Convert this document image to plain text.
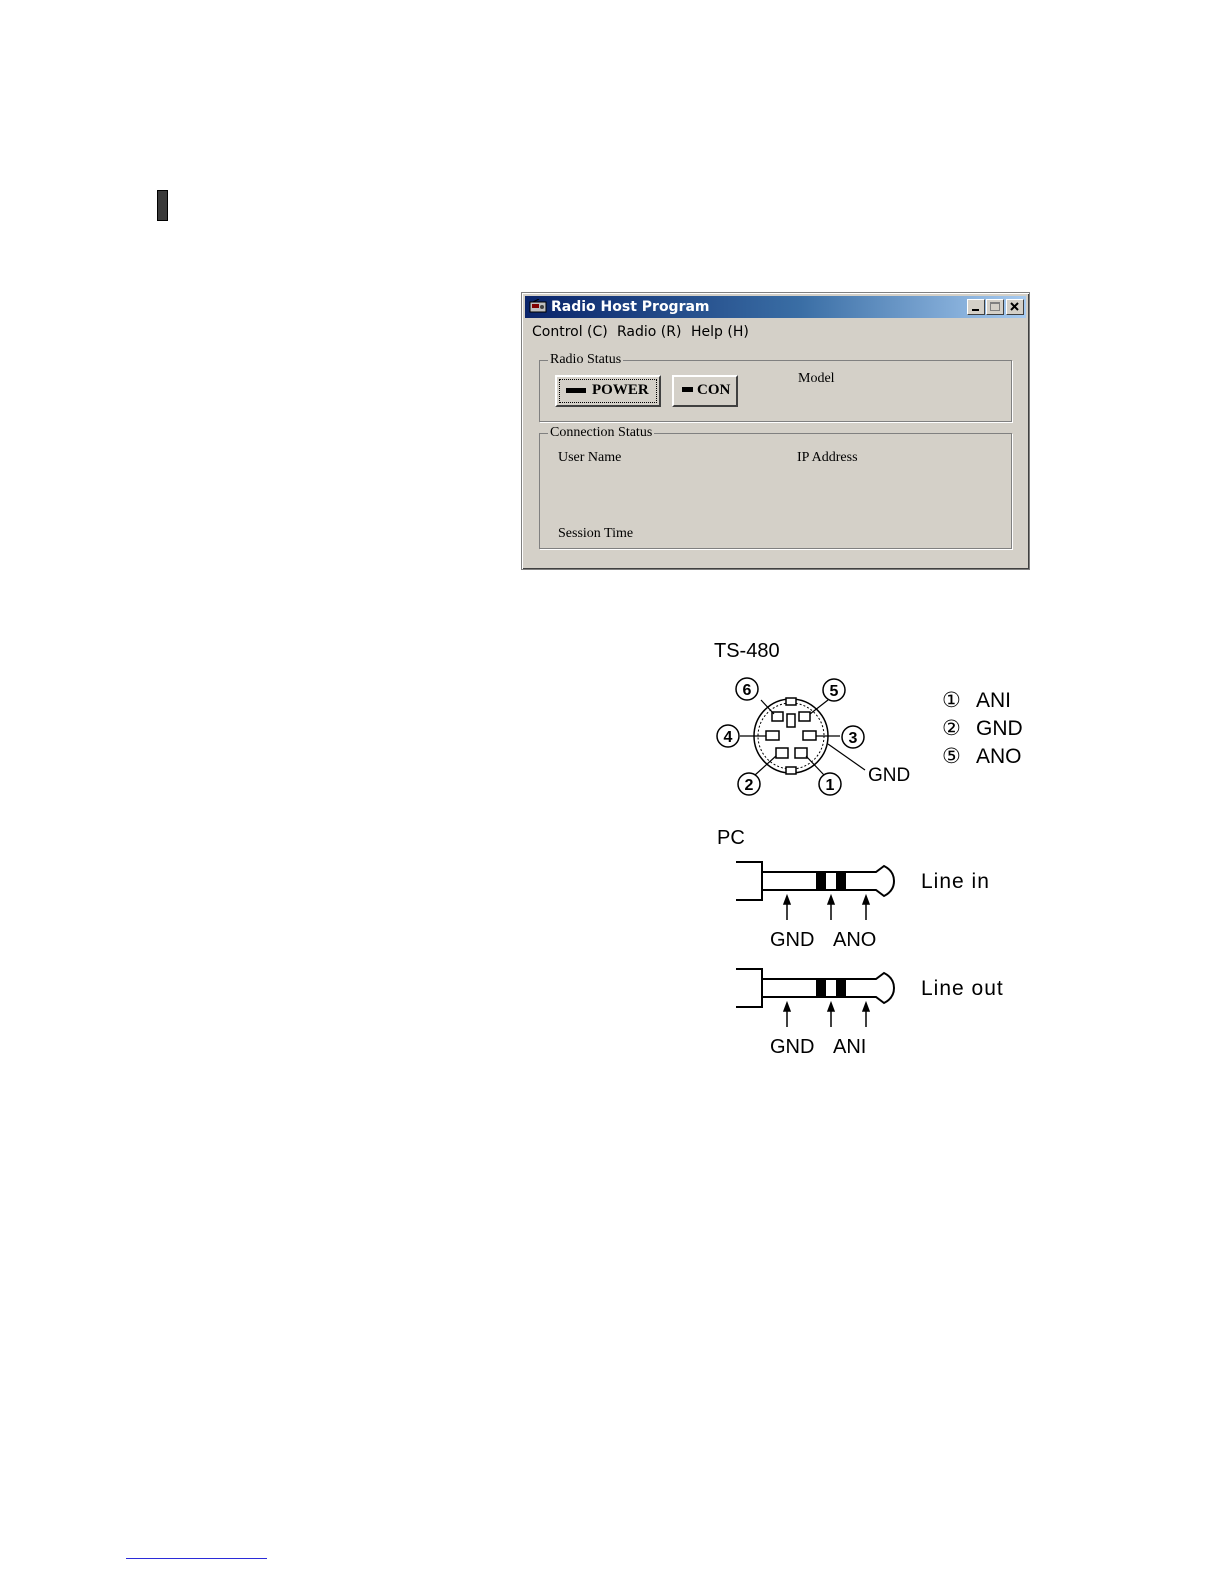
Radio Host Program
Control (C) Radio (R) Help (H)
Radio Status
POWER	CON
Model
Connection Status
User Name	IP Address
Session Time
TS-480
6	5
4	3
2	1 GND
① ANI
② GND
⑤ ANO
PC
Line in
GND ANO
Line out
GND ANI
